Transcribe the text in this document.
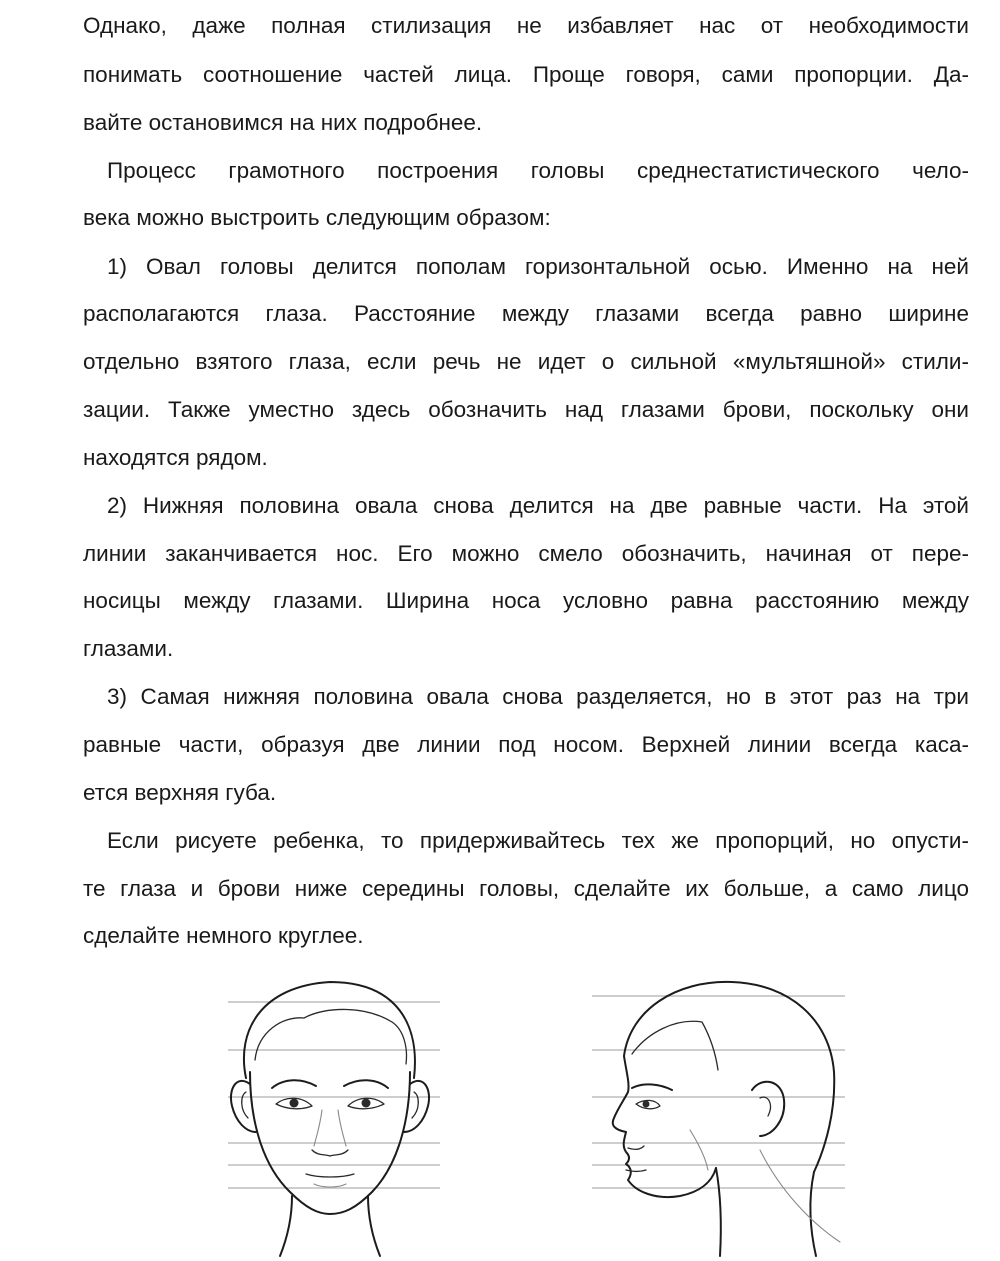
Однако, даже полная стилизация не избавляет нас от необходимости
понимать соотношение частей лица. Проще говоря, сами пропорции. Да-
вайте остановимся на них подробнее.
Процесс грамотного построения головы среднестатистического чело-
века можно выстроить следующим образом:
1) Овал головы делится пополам горизонтальной осью. Именно на ней
располагаются глаза. Расстояние между глазами всегда равно ширине
отдельно взятого глаза, если речь не идет о сильной «мультяшной» стили-
зации. Также уместно здесь обозначить над глазами брови, поскольку они
находятся рядом.
2) Нижняя половина овала снова делится на две равные части. На этой
линии заканчивается нос. Его можно смело обозначить, начиная от пере-
носицы между глазами. Ширина носа условно равна расстоянию между
глазами.
3) Самая нижняя половина овала снова разделяется, но в этот раз на три
равные части, образуя две линии под носом. Верхней линии всегда каса-
ется верхняя губа.
Если рисуете ребенка, то придерживайтесь тех же пропорций, но опусти-
те глаза и брови ниже середины головы, сделайте их больше, а само лицо
сделайте немного круглее.
